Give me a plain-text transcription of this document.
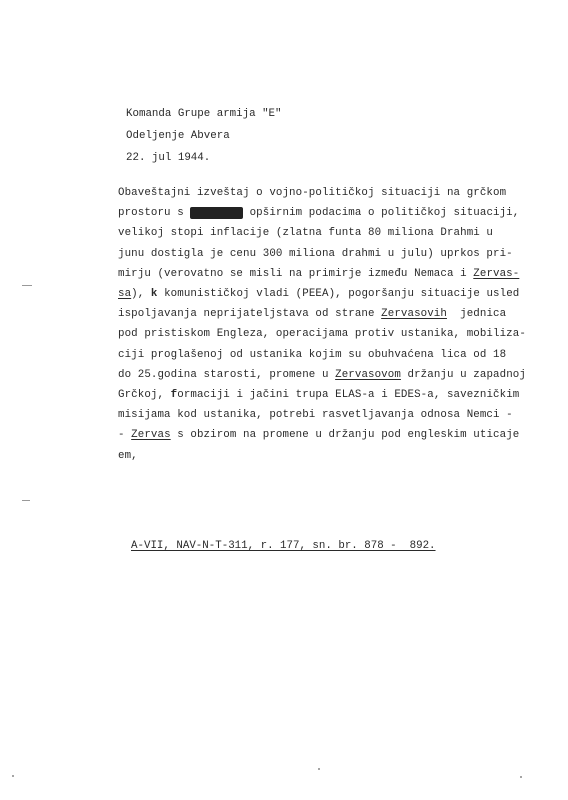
Komanda Grupe armija "E"
Odeljenje Abvera
22. jul 1944.
Obaveštajni izveštaj o vojno-političkoj situaciji na grčkom
prostoru s	opširnim podacima o političkoj situaciji,
velikoj stopi inflacije (zlatna funta 80 miliona Drahmi u
junu dostigla je cenu 300 miliona drahmi u julu) uprkos pri-
mirju (verovatno se misli na primirje između Nemaca i Zervas-
sa), k komunističkoj vladi (PEEA), pogoršanju situacije usled
ispoljavanja neprijateljstava od strane Zervasovih  jednica
pod pristiskom Engleza, operacijama protiv ustanika, mobiliza-
ciji proglašenoj od ustanika kojim su obuhvaćena lica od 18
do 25.godina starosti, promene u Zervasovom držanju u zapadnoj
Grčkoj, formaciji i jačini trupa ELAS-a i EDES-a, savezničkim
misijama kod ustanika, potrebi rasvetljavanja odnosa Nemci -
- Zervas s obzirom na promene u držanju pod engleskim uticaje
em,
A-VII, NAV-N-T-311, r. 177, sn. br. 878 -  892.
